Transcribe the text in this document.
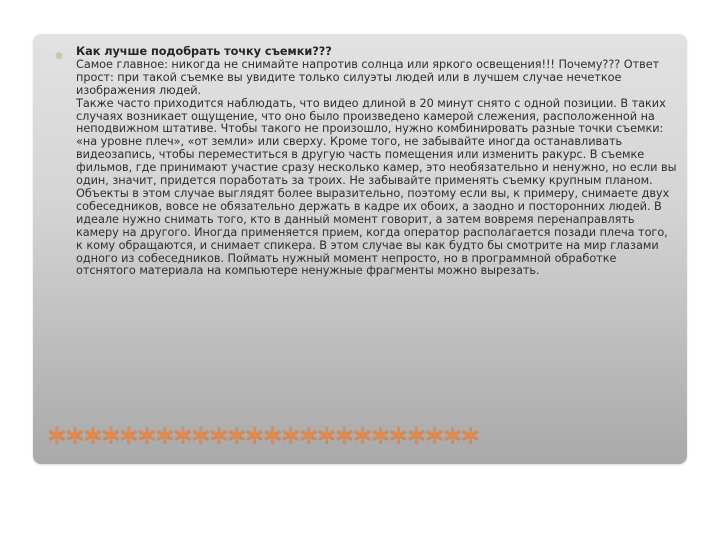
● Как лучше подобрать точку съемки???
Самое главное: никогда не снимайте напротив солнца или яркого освещения!!! Почему??? Ответ прост: при такой съемке вы увидите только силуэты людей или в лучшем случае нечеткое изображения людей.
Также часто приходится наблюдать, что видео длиной в 20 минут снято с одной позиции. В таких случаях возникает ощущение, что оно было произведено камерой слежения, расположенной на неподвижном штативе. Чтобы такого не произошло, нужно комбинировать разные точки съемки: «на уровне плеч», «от земли» или сверху. Кроме того, не забывайте иногда останавливать видеозапись, чтобы переместиться в другую часть помещения или изменить ракурс. В съемке фильмов, где принимают участие сразу несколько камер, это необязательно и ненужно, но если вы один, значит, придется поработать за троих. Не забывайте применять съемку крупным планом. Объекты в этом случае выглядят более выразительно, поэтому если вы, к примеру, снимаете двух собеседников, вовсе не обязательно держать в кадре их обоих, а заодно и посторонних людей. В идеале нужно снимать того, кто в данный момент говорит, а затем вовремя перенаправлять камеру на другого. Иногда применяется прием, когда оператор располагается позади плеча того, к кому обращаются, и снимает спикера. В этом случае вы как будто бы смотрите на мир глазами одного из собеседников. Поймать нужный момент непросто, но в программной обработке отснятого материала на компьютере ненужные фрагменты можно вырезать.
************************
